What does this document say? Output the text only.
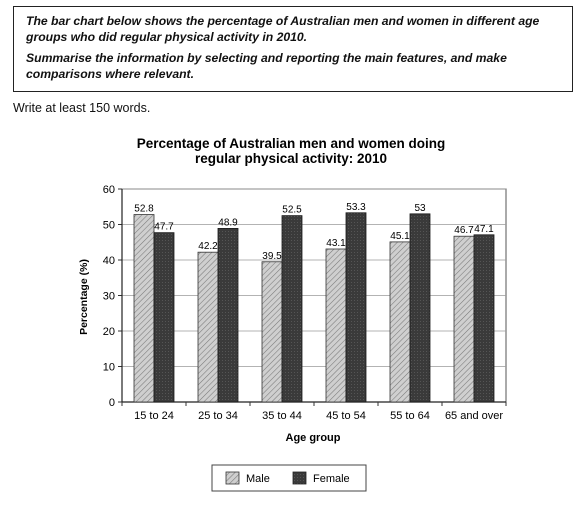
The bar chart below shows the percentage of Australian men and women in different age groups who did regular physical activity in 2010.

Summarise the information by selecting and reporting the main features, and make comparisons where relevant.

Write at least 150 words.

Percentage of Australian men and women doing
regular physical activity: 2010
0
10
20
30
40
50
60
15 to 24
52.8
47.7
25 to 34
42.2
48.9
35 to 44
39.5
52.5
45 to 54
43.1
53.3
55 to 64
45.1
53
65 and over
46.7 47.1
Percentage (%)
Age group
Male	Female
